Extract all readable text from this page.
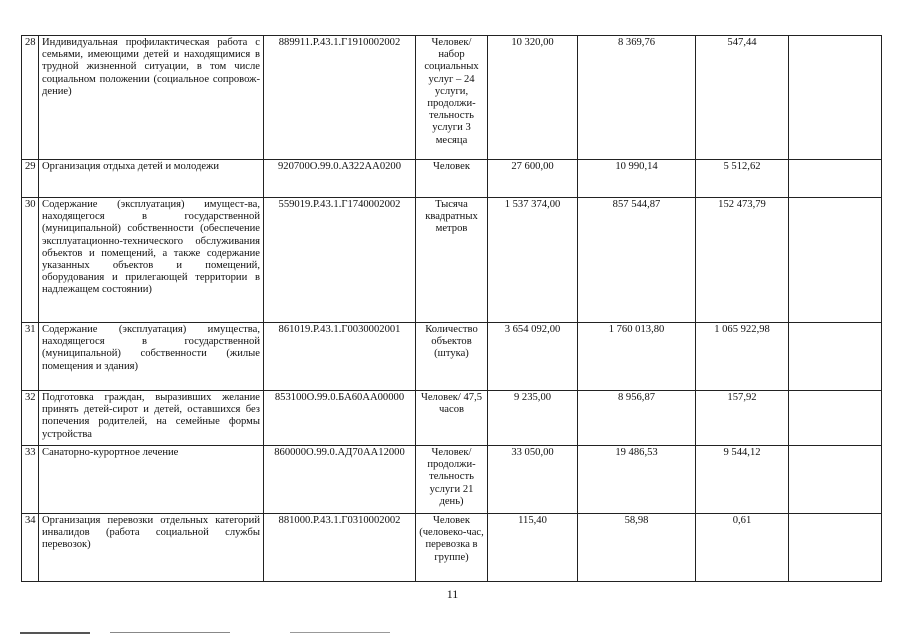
28	Индивидуальная профилактическая работа с семьями, имеющими детей и находящимися в трудной жизненной ситуации, в том числе социальном положении (социальное сопровож-дение)	889911.Р.43.1.Г1910002002	Человек/ набор социальных услуг – 24 услуги, продолжи-тельность услуги 3 месяца	10 320,00	8 369,76	547,44	
29	Организация отдыха детей и молодежи	920700О.99.0.АЗ22АА0200	Человек	27 600,00	10 990,14	5 512,62	
30	Содержание (эксплуатация) имущест-ва, находящегося в государственной (муниципальной) собственности (обеспечение эксплуатационно-технического обслуживания объектов и помещений, а также содержание указанных объектов и помещений, оборудования и прилегающей территории в надлежащем состоянии)	559019.Р.43.1.Г1740002002	Тысяча квадратных метров	1 537 374,00	857 544,87	152 473,79	
31	Содержание (эксплуатация) имущества, находящегося в государственной (муниципальной) собственности (жилые помещения и здания)	861019.Р.43.1.Г0030002001	Количество объектов (штука)	3 654 092,00	1 760 013,80	1 065 922,98	
32	Подготовка граждан, выразивших желание принять детей-сирот и детей, оставшихся без попечения родителей, на семейные формы устройства	853100О.99.0.БА60АА00000	Человек/ 47,5 часов	9 235,00	8 956,87	157,92	
33	Санаторно-курортное лечение	860000О.99.0.АД70АА12000	Человек/ продолжи-тельность услуги 21 день)	33 050,00	19 486,53	9 544,12	
34	Организация перевозки отдельных категорий инвалидов (работа социальной службы перевозок)	881000.Р.43.1.Г0310002002	Человек (человеко-час, перевозка в группе)	115,40	58,98	0,61	
11
